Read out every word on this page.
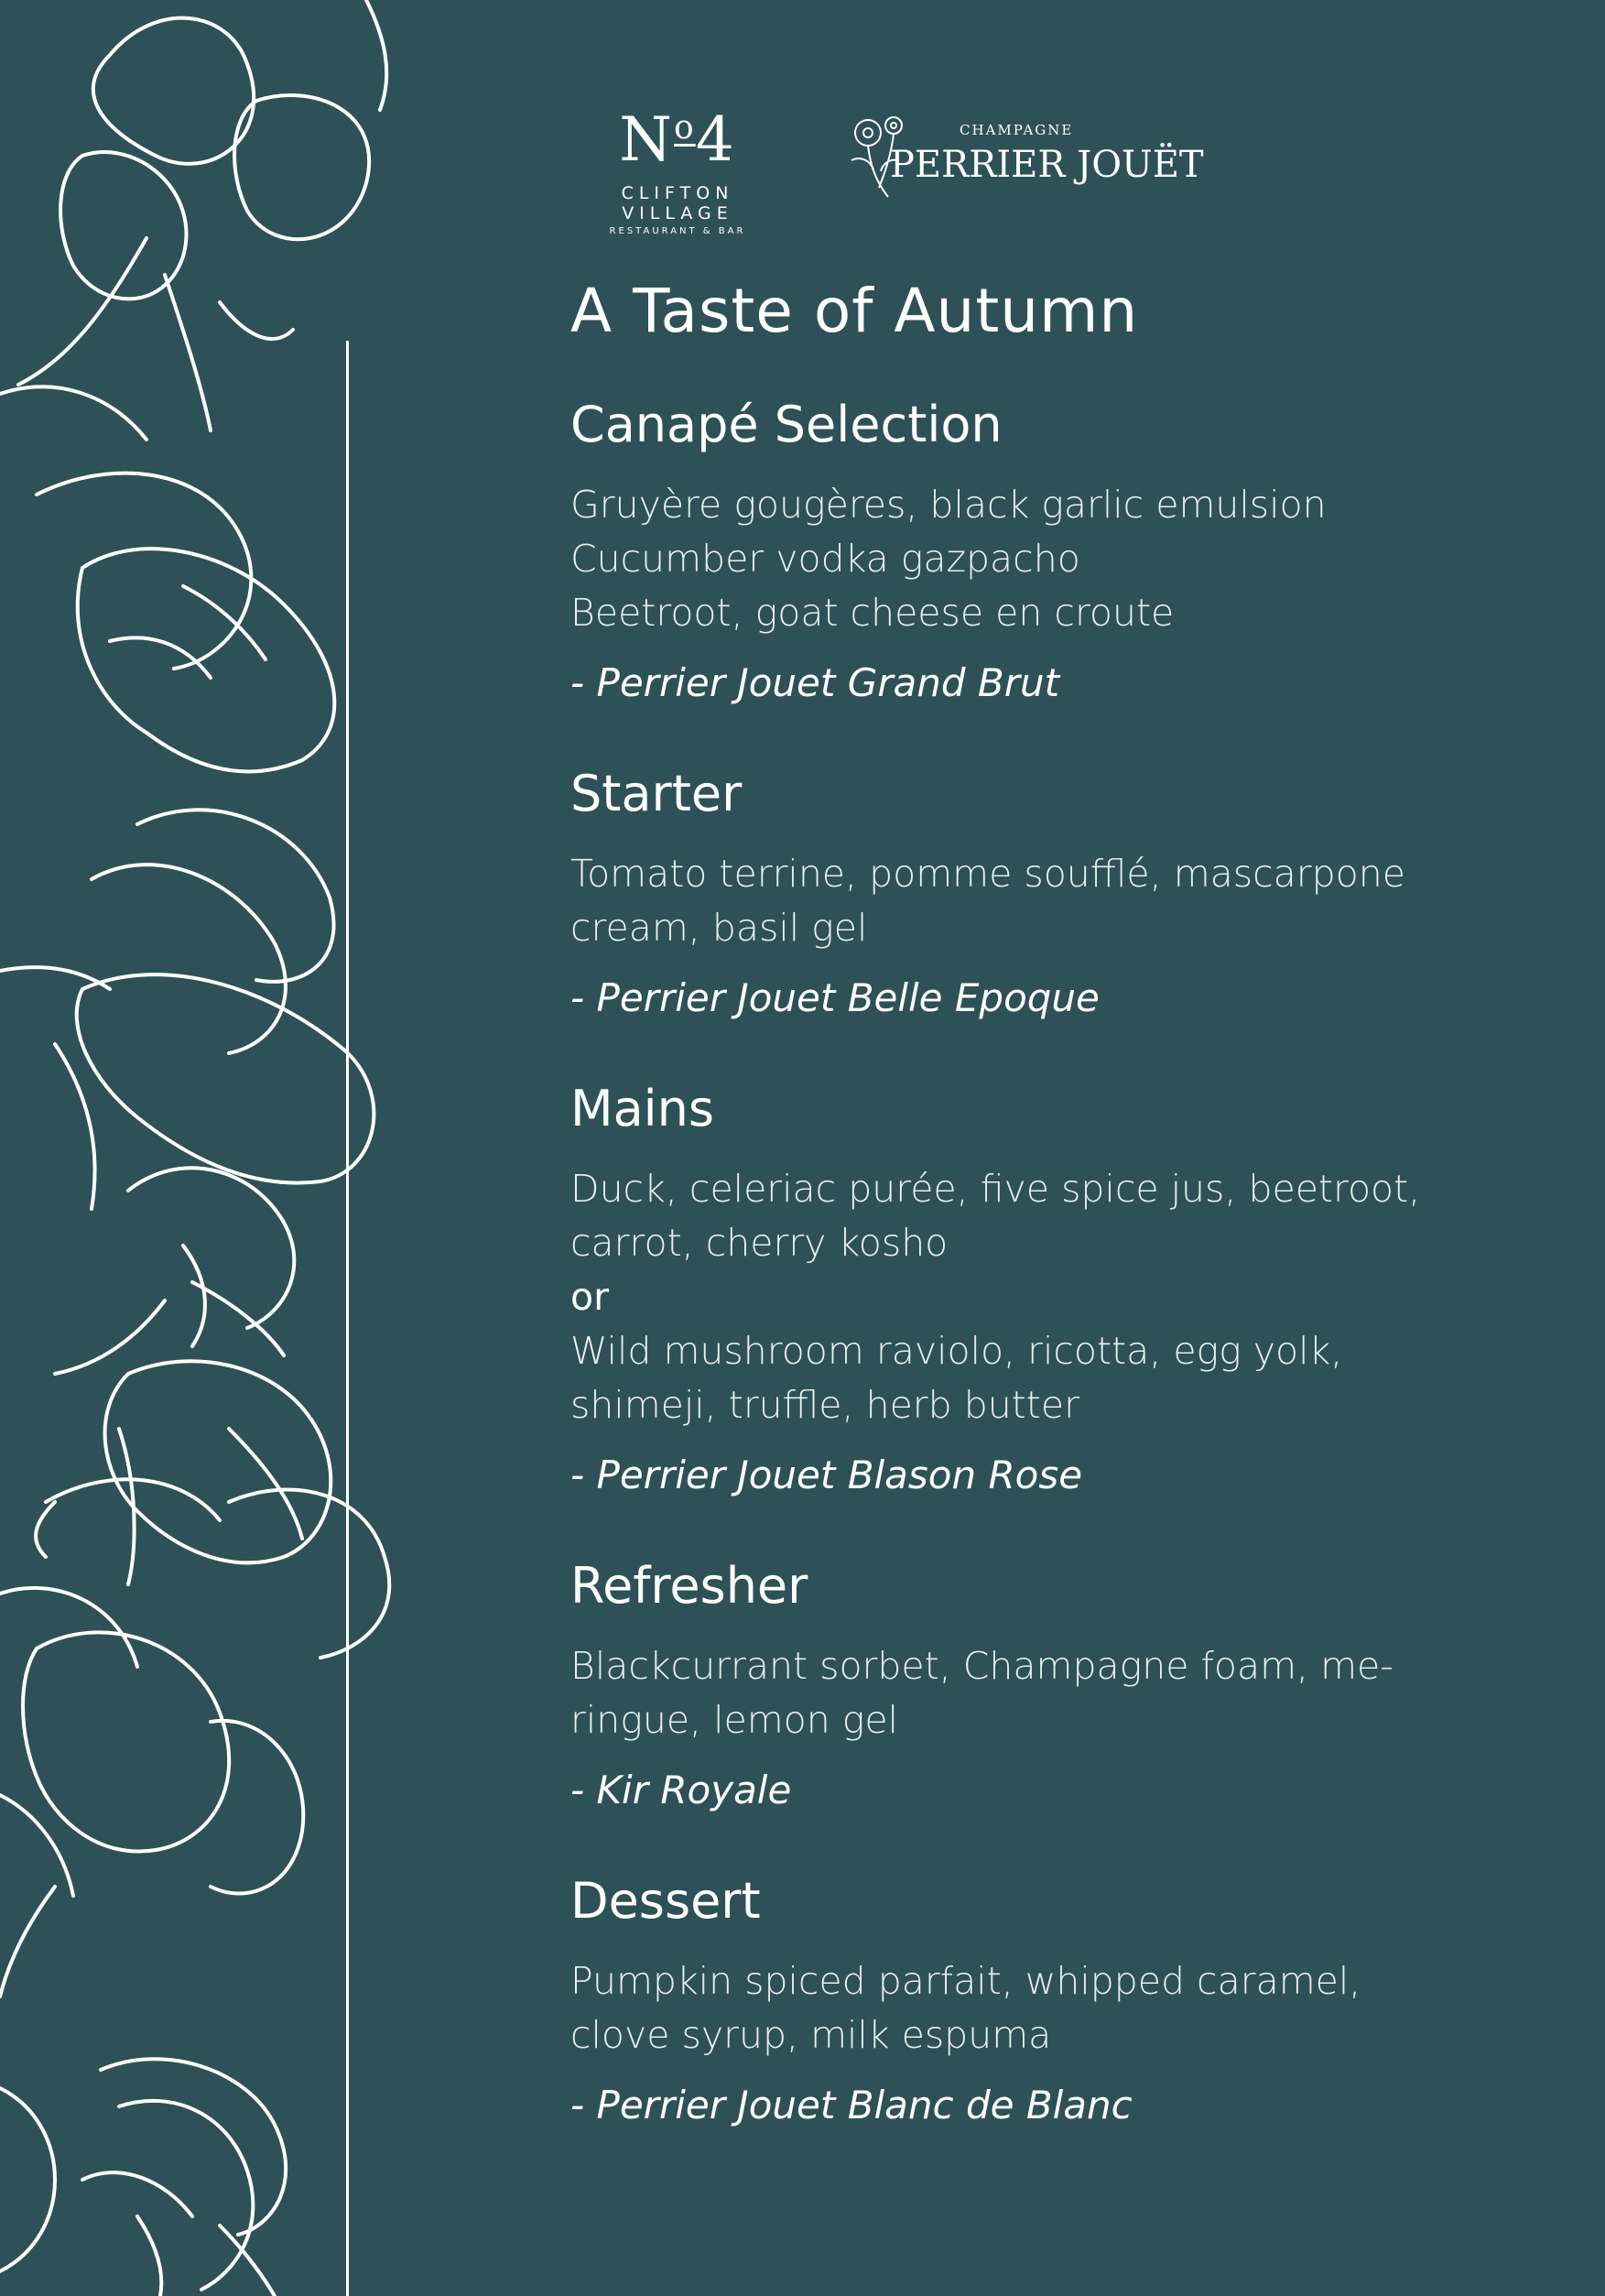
$N^o4$
CLIFTON VILLAGE
RESTAURANT & BAR
CHAMPAGNE
PERRIER JOUËT
A Taste of Autumn
Canapé Selection
Gruyère gougères, black garlic emulsion
Cucumber vodka gazpacho
Beetroot, goat cheese en croute
- Perrier Jouet Grand Brut
Starter
Tomato terrine, pomme soufflé, mascarpone
cream, basil gel
- Perrier Jouet Belle Epoque
Mains
Duck, celeriac purée, five spice jus, beetroot,
carrot, cherry kosho
or
Wild mushroom raviolo, ricotta, egg yolk,
shimeji, truffle, herb butter
- Perrier Jouet Blason Rose
Refresher
Blackcurrant sorbet, Champagne foam, me-
ringue, lemon gel
- Kir Royale
Dessert
Pumpkin spiced parfait, whipped caramel,
clove syrup, milk espuma
- Perrier Jouet Blanc de Blanc
